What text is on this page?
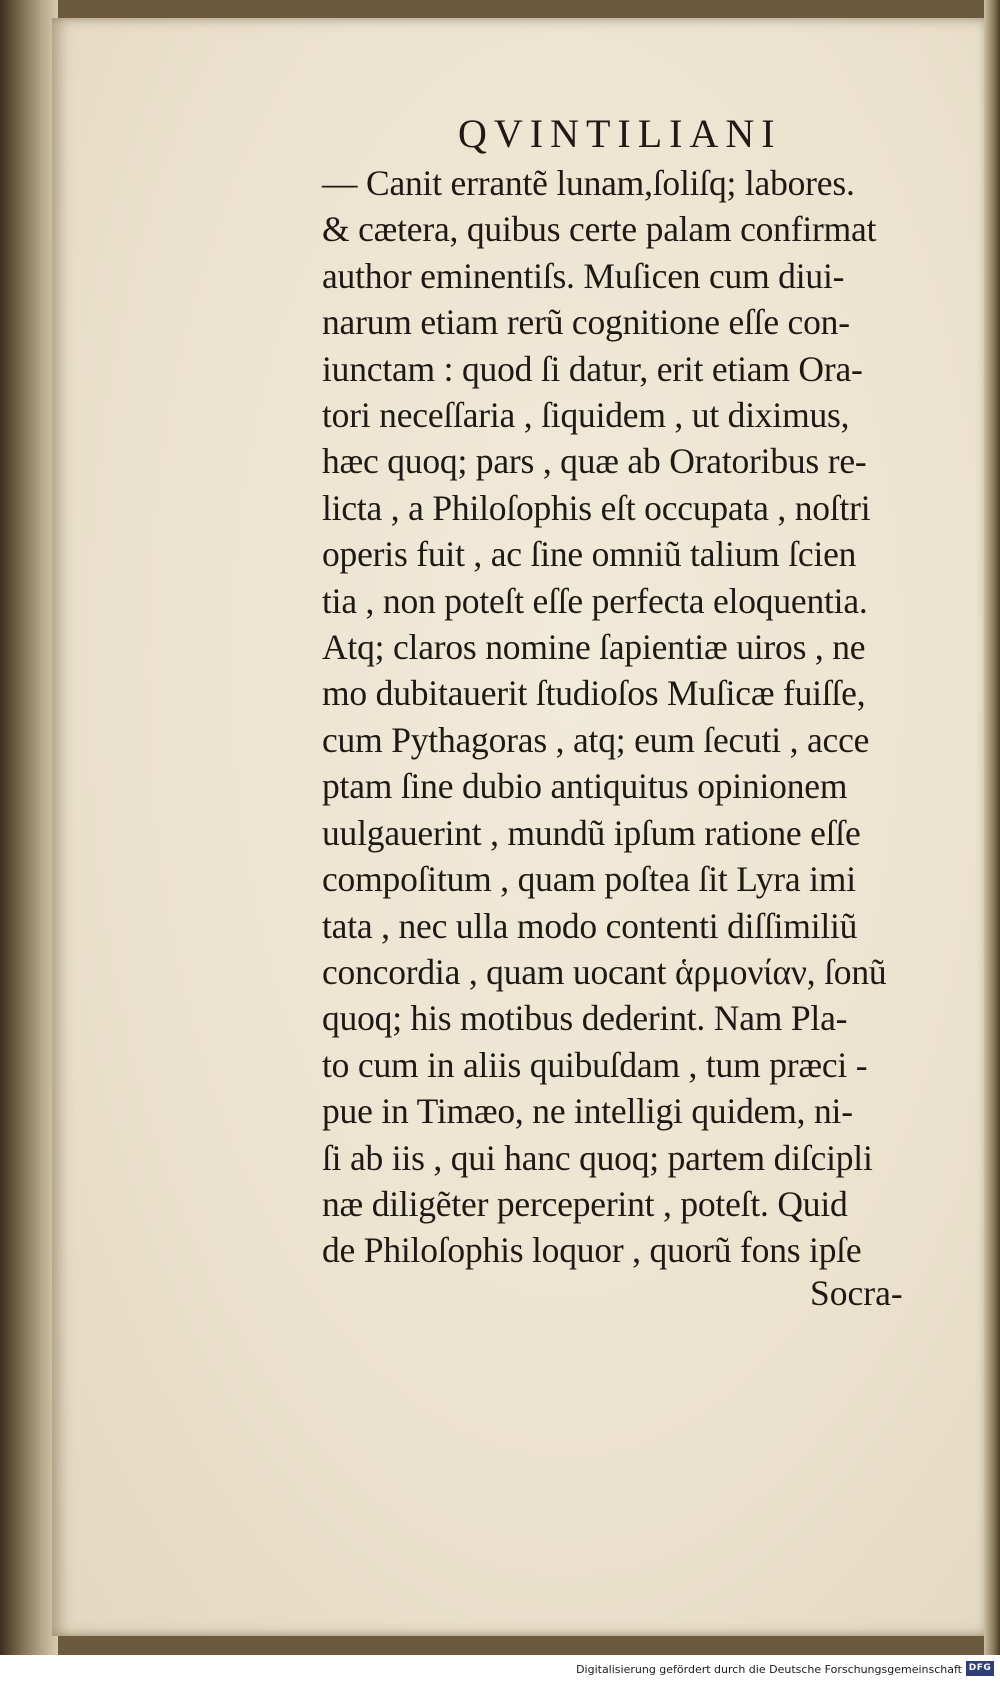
QVINTILIANI
— Canit errantẽ lunam,ſoliſq; labores.
& cætera, quibus certe palam confirmat
author eminentiſs. Muſicen cum diui-
narum etiam rerũ cognitione eſſe con-
iunctam : quod ſi datur, erit etiam Ora-
tori neceſſaria , ſiquidem , ut diximus,
hæc quoq; pars , quæ ab Oratoribus re-
licta , a Philoſophis eſt occupata , noſtri
operis fuit , ac ſine omniũ talium ſcien
tia , non poteſt eſſe perfecta eloquentia.
Atq; claros nomine ſapientiæ uiros , ne
mo dubitauerit ſtudioſos Muſicæ fuiſſe,
cum Pythagoras , atq; eum ſecuti , acce
ptam ſine dubio antiquitus opinionem
uulgauerint , mundũ ipſum ratione eſſe
compoſitum , quam poſtea ſit Lyra imi
tata , nec ulla modo contenti diſſimiliũ
concordia , quam uocant ἁρμονίαν, ſonũ
quoq; his motibus dederint. Nam Pla-
to cum in aliis quibuſdam , tum præci -
pue in Timæo, ne intelligi quidem, ni-
ſi ab iis , qui hanc quoq; partem diſcipli
næ diligẽter perceperint , poteſt. Quid
de Philoſophis loquor , quorũ fons ipſe
Socra-
Digitalisierung gefördert durch die Deutsche Forschungsgemeinschaft DFG
